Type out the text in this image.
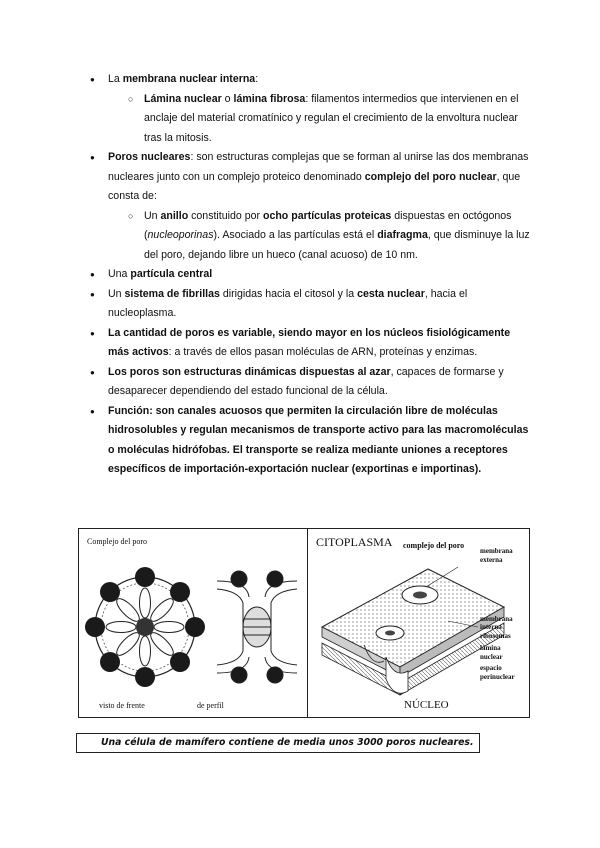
● La membrana nuclear interna:
○ Lámina nuclear o lámina fibrosa: filamentos intermedios que intervienen en el anclaje del material cromatínico y regulan el crecimiento de la envoltura nuclear tras la mitosis.
● Poros nucleares: son estructuras complejas que se forman al unirse las dos membranas nucleares junto con un complejo proteico denominado complejo del poro nuclear, que consta de:
○ Un anillo constituido por ocho partículas proteicas dispuestas en octógonos (nucleoporinas). Asociado a las partículas está el diafragma, que disminuye la luz del poro, dejando libre un hueco (canal acuoso) de 10 nm.
● Una partícula central
● Un sistema de fibrillas dirigidas hacia el citosol y la cesta nuclear, hacia el nucleoplasma.
● La cantidad de poros es variable, siendo mayor en los núcleos fisiológicamente más activos: a través de ellos pasan moléculas de ARN, proteínas y enzimas.
● Los poros son estructuras dinámicas dispuestas al azar, capaces de formarse y desaparecer dependiendo del estado funcional de la célula.
● Función: son canales acuosos que permiten la circulación libre de moléculas hidrosolubles y regulan mecanismos de transporte activo para las macromoléculas o moléculas hidrófobas. El transporte se realiza mediante uniones a receptores específicos de importación-exportación nuclear (exportinas e importinas).
Complejo del poro
visto de frente	de perfil
CITOPLASMA complejo del poro
membrana
externa
membrana
interna
ribosomas
lámina
nuclear
espacio
perinuclear
NÚCLEO
Una célula de mamífero contiene de media unos 3000 poros nucleares.
